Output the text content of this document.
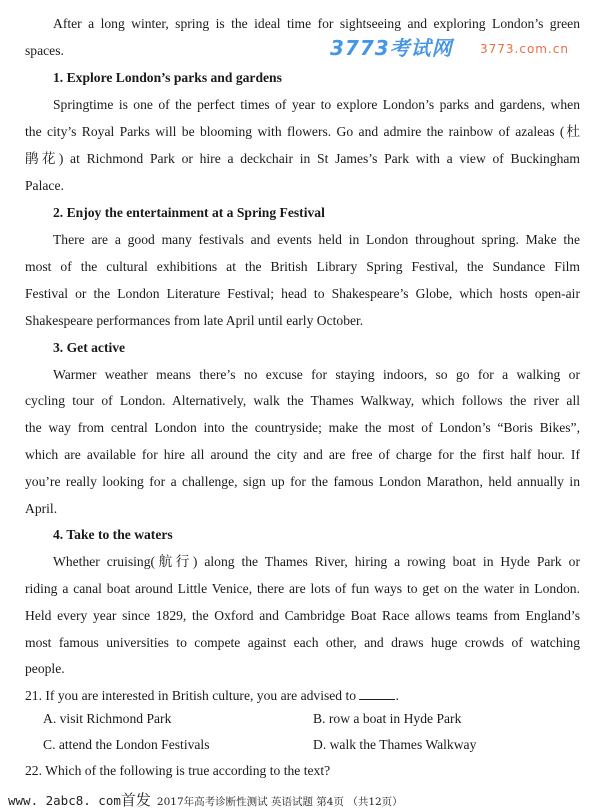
After a long winter, spring is the ideal time for sightseeing and exploring London’s green
spaces.
1. Explore London’s parks and gardens
Springtime is one of the perfect times of year to explore London’s parks and gardens, when
the city’s Royal Parks will be blooming with flowers. Go and admire the rainbow of azaleas (杜
鹃花) at Richmond Park or hire a deckchair in St James’s Park with a view of Buckingham
Palace.
2. Enjoy the entertainment at a Spring Festival
There are a good many festivals and events held in London throughout spring. Make the
most of the cultural exhibitions at the British Library Spring Festival, the Sundance Film
Festival or the London Literature Festival; head to Shakespeare’s Globe, which hosts open-air
Shakespeare performances from late April until early October.
3. Get active
Warmer weather means there’s no excuse for staying indoors, so go for a walking or
cycling tour of London. Alternatively, walk the Thames Walkway, which follows the river all
the way from central London into the countryside; make the most of London’s “Boris Bikes”,
which are available for hire all around the city and are free of charge for the first half hour. If
you’re really looking for a challenge, sign up for the famous London Marathon, held annually in
April.
4. Take to the waters
Whether cruising(航行) along the Thames River, hiring a rowing boat in Hyde Park or
riding a canal boat around Little Venice, there are lots of fun ways to get on the water in London.
Held every year since 1829, the Oxford and Cambridge Boat Race allows teams from England’s
most famous universities to compete against each other, and draws huge crowds of watching
people.
21. If you are interested in British culture, you are advised to	.
A. visit Richmond Park	B. row a boat in Hyde Park
C. attend the London Festivals	D. walk the Thames Walkway
22. Which of the following is true according to the text?
3773考试网 3773.com.cn
www. 2abc8. com首发 2017年高考诊断性测试 英语试题 第4页 （共12页）
